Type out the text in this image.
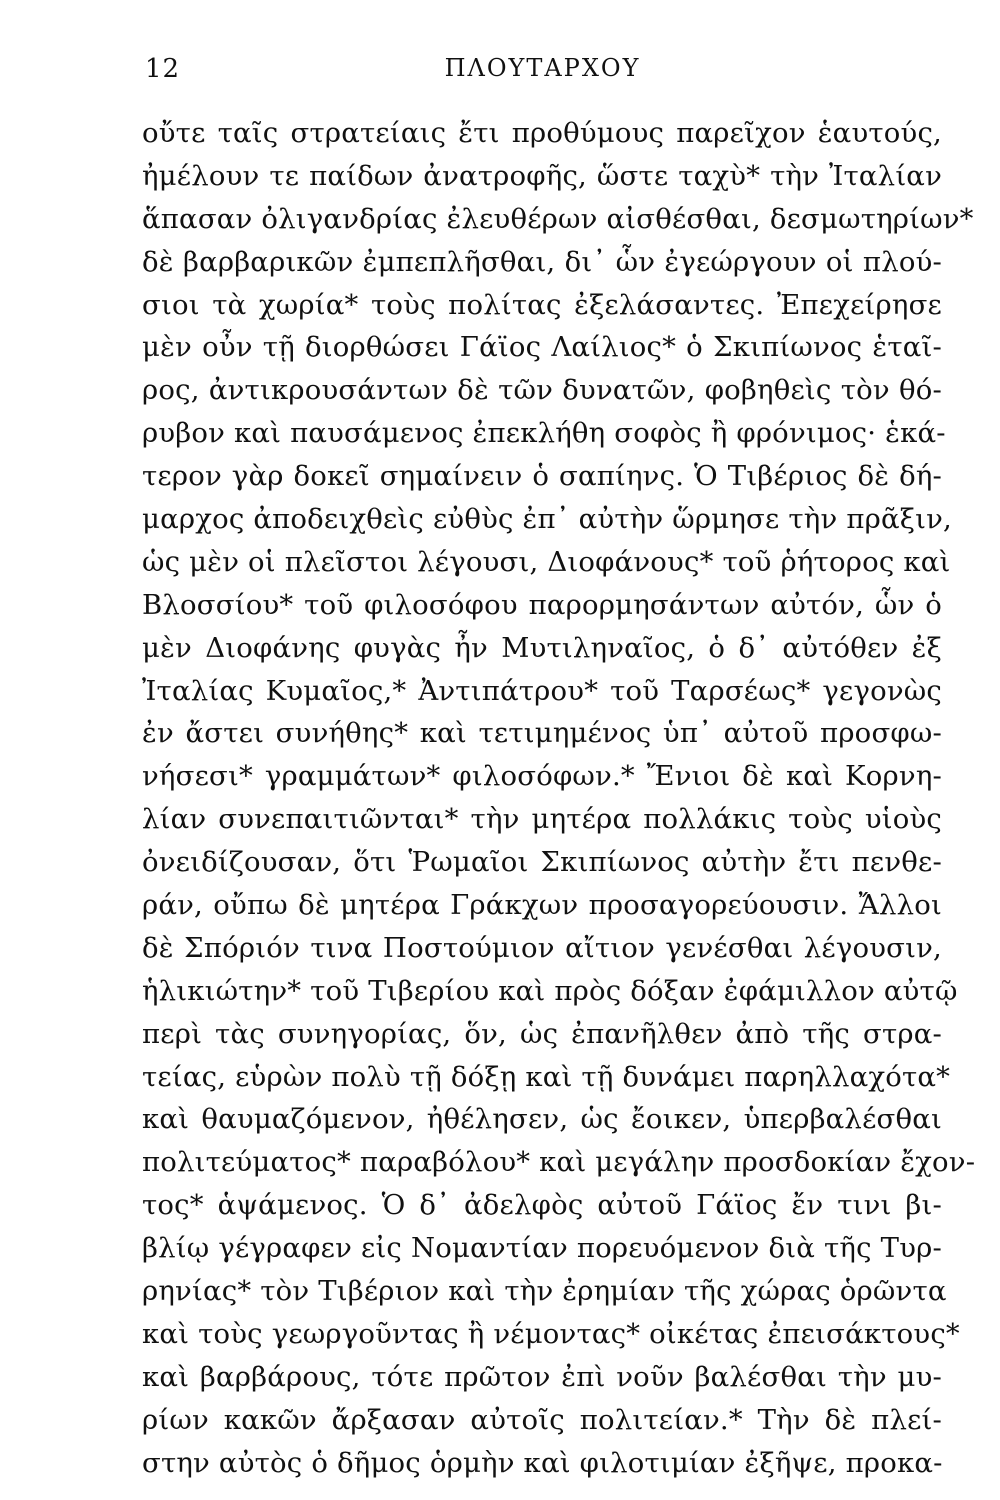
12	ΠΛΟΥΤΑΡΧΟΥ
οὔτε ταῖς στρατείαις ἔτι προθύμους παρεῖχον ἑαυτούς,
ἠμέλουν τε παίδων ἀνατροφῆς, ὥστε ταχὺ* τὴν Ἰταλίαν
ἅπασαν ὀλιγανδρίας ἐλευθέρων αἰσθέσθαι, δεσμωτηρίων*
δὲ βαρβαρικῶν ἐμπεπλῆσθαι, δι᾽ ὧν ἐγεώργουν οἱ πλού-
σιοι τὰ χωρία* τοὺς πολίτας ἐξελάσαντες. Ἐπεχείρησε
μὲν οὖν τῇ διορθώσει Γάϊος Λαίλιος* ὁ Σκιπίωνος ἑταῖ-
ρος, ἀντικρουσάντων δὲ τῶν δυνατῶν, φοβηθεὶς τὸν θό-
ρυβον καὶ παυσάμενος ἐπεκλήθη σοφὸς ἢ φρόνιμος· ἑκά-
τερον γὰρ δοκεῖ σημαίνειν ὁ σαπίηνς. Ὁ Τιβέριος δὲ δή-
μαρχος ἀποδειχθεὶς εὐθὺς ἐπ᾽ αὐτὴν ὥρμησε τὴν πρᾶξιν,
ὡς μὲν οἱ πλεῖστοι λέγουσι, Διοφάνους* τοῦ ῥήτορος καὶ
Βλοσσίου* τοῦ φιλοσόφου παρορμησάντων αὐτόν, ὧν ὁ
μὲν Διοφάνης φυγὰς ἦν Μυτιληναῖος, ὁ δ᾽ αὐτόθεν ἐξ
Ἰταλίας Κυμαῖος,* Ἀντιπάτρου* τοῦ Ταρσέως* γεγονὼς
ἐν ἄστει συνήθης* καὶ τετιμημένος ὑπ᾽ αὐτοῦ προσφω-
νήσεσι* γραμμάτων* φιλοσόφων.* Ἔνιοι δὲ καὶ Κορνη-
λίαν συνεπαιτιῶνται* τὴν μητέρα πολλάκις τοὺς υἱοὺς
ὀνειδίζουσαν, ὅτι Ῥωμαῖοι Σκιπίωνος αὐτὴν ἔτι πενθε-
ράν, οὔπω δὲ μητέρα Γράκχων προσαγορεύουσιν. Ἄλλοι
δὲ Σπόριόν τινα Ποστούμιον αἴτιον γενέσθαι λέγουσιν,
ἡλικιώτην* τοῦ Τιβερίου καὶ πρὸς δόξαν ἐφάμιλλον αὐτῷ
περὶ τὰς συνηγορίας, ὅν, ὡς ἐπανῆλθεν ἀπὸ τῆς στρα-
τείας, εὑρὼν πολὺ τῇ δόξῃ καὶ τῇ δυνάμει παρηλλαχότα*
καὶ θαυμαζόμενον, ἠθέλησεν, ὡς ἔοικεν, ὑπερβαλέσθαι
πολιτεύματος* παραβόλου* καὶ μεγάλην προσδοκίαν ἔχον-
τος* ἁψάμενος. Ὁ δ᾽ ἀδελφὸς αὐτοῦ Γάϊος ἔν τινι βι-
βλίῳ γέγραφεν εἰς Νομαντίαν πορευόμενον διὰ τῆς Τυρ-
ρηνίας* τὸν Τιβέριον καὶ τὴν ἐρημίαν τῆς χώρας ὁρῶντα
καὶ τοὺς γεωργοῦντας ἢ νέμοντας* οἰκέτας ἐπεισάκτους*
καὶ βαρβάρους, τότε πρῶτον ἐπὶ νοῦν βαλέσθαι τὴν μυ-
ρίων κακῶν ἄρξασαν αὐτοῖς πολιτείαν.* Τὴν δὲ πλεί-
στην αὐτὸς ὁ δῆμος ὁρμὴν καὶ φιλοτιμίαν ἐξῆψε, προκα-
